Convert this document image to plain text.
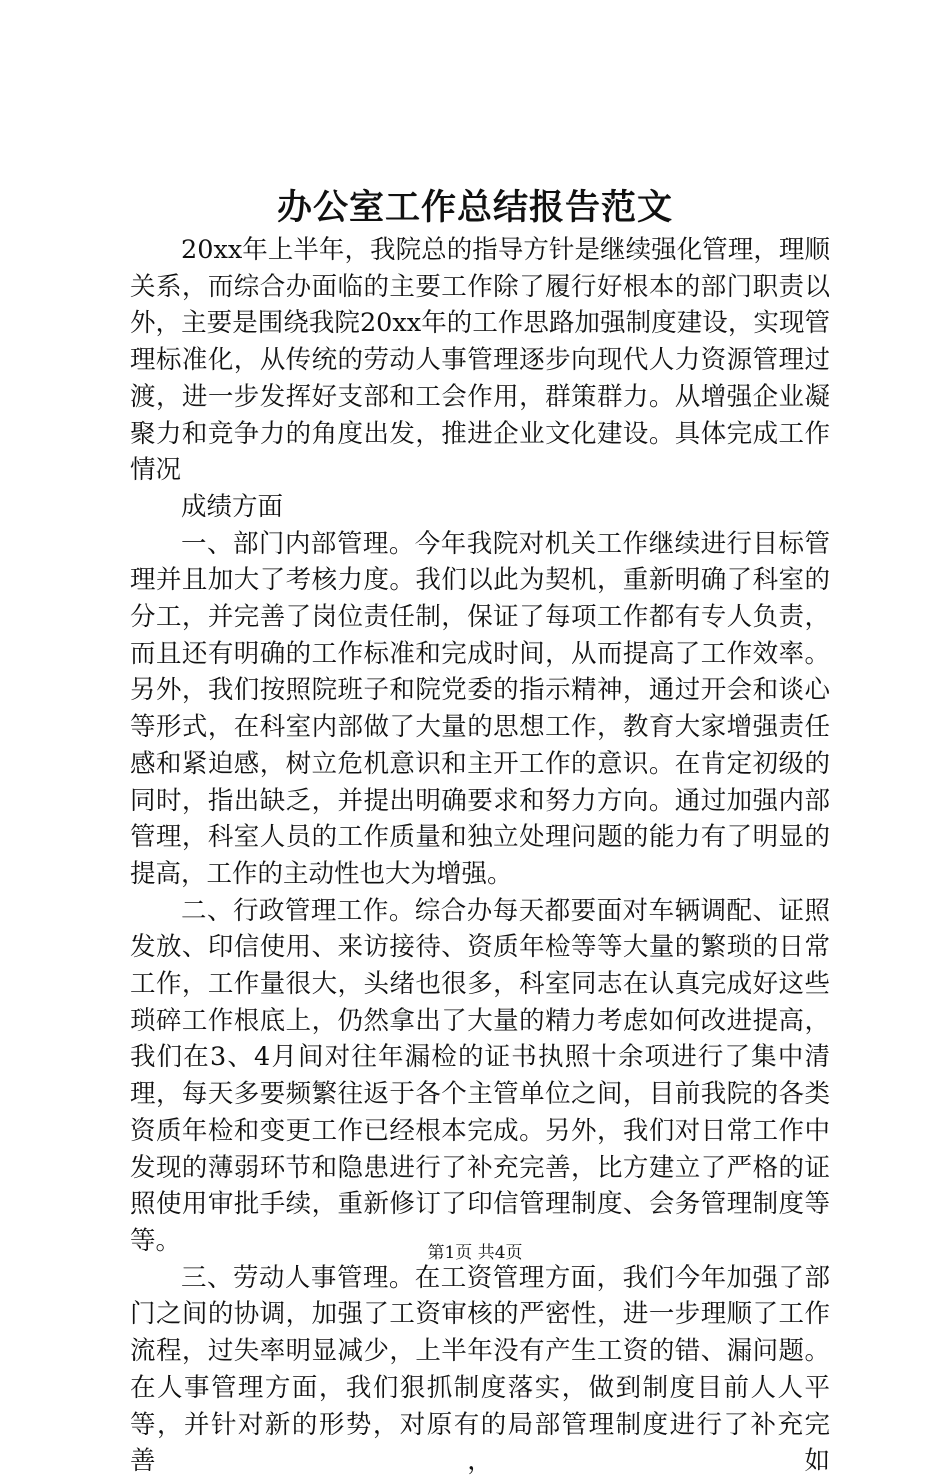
办公室工作总结报告范文

20xx年上半年，我院总的指导方针是继续强化管理，理顺关系，而综合办面临的主要工作除了履行好根本的部门职责以外，主要是围绕我院20xx年的工作思路加强制度建设，实现管理标准化，从传统的劳动人事管理逐步向现代人力资源管理过渡，进一步发挥好支部和工会作用，群策群力。从增强企业凝聚力和竞争力的角度出发，推进企业文化建设。具体完成工作情况

成绩方面

一、部门内部管理。今年我院对机关工作继续进行目标管理并且加大了考核力度。我们以此为契机，重新明确了科室的分工，并完善了岗位责任制，保证了每项工作都有专人负责，而且还有明确的工作标准和完成时间，从而提高了工作效率。另外，我们按照院班子和院党委的指示精神，通过开会和谈心等形式，在科室内部做了大量的思想工作，教育大家增强责任感和紧迫感，树立危机意识和主开工作的意识。在肯定初级的同时，指出缺乏，并提出明确要求和努力方向。通过加强内部管理，科室人员的工作质量和独立处理问题的能力有了明显的提高，工作的主动性也大为增强。

二、行政管理工作。综合办每天都要面对车辆调配、证照发放、印信使用、来访接待、资质年检等等大量的繁琐的日常工作，工作量很大，头绪也很多，科室同志在认真完成好这些琐碎工作根底上，仍然拿出了大量的精力考虑如何改进提高，我们在3、4月间对往年漏检的证书执照十余项进行了集中清理，每天多要频繁往返于各个主管单位之间，目前我院的各类资质年检和变更工作已经根本完成。另外，我们对日常工作中发现的薄弱环节和隐患进行了补充完善，比方建立了严格的证照使用审批手续，重新修订了印信管理制度、会务管理制度等等。

三、劳动人事管理。在工资管理方面，我们今年加强了部门之间的协调，加强了工资审核的严密性，进一步理顺了工作流程，过失率明显减少，上半年没有产生工资的错、漏问题。在人事管理方面，我们狠抓制度落实，做到制度目前人人平等，并针对新的形势，对原有的局部管理制度进行了补充完善，如

第1页 共4页
